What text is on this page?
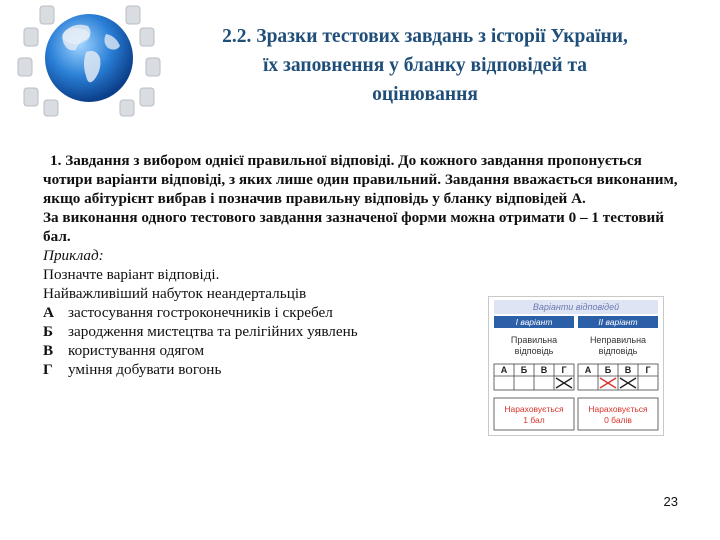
2.2. Зразки тестових завдань з історії України,
їх заповнення у бланку відповідей та
оцінювання

1. Завдання з вибором однієї правильної відповіді. До кожного завдання пропонується чотири варіанти відповіді, з яких лише один правильний. Завдання вважається виконаним, якщо абітурієнт вибрав і позначив правильну відповідь у бланку відповідей А.

За виконання одного тестового завдання зазначеної форми можна отримати 0 – 1 тестовий бал.

Приклад:

Позначте варіант відповіді.

Найважливіший набуток неандертальців

А застосування гостроконечників і скребел
Б зародження мистецтва та релігійних уявлень
В користування одягом
Г	уміння добувати вогонь
Варіанти відповідей
І варіант	ІІ варіант
Правильна
відповідь
Неправильна
відповідь
А Б В Г А Б В Г
Нараховується
1 бал
Нараховується
0 балів
23
